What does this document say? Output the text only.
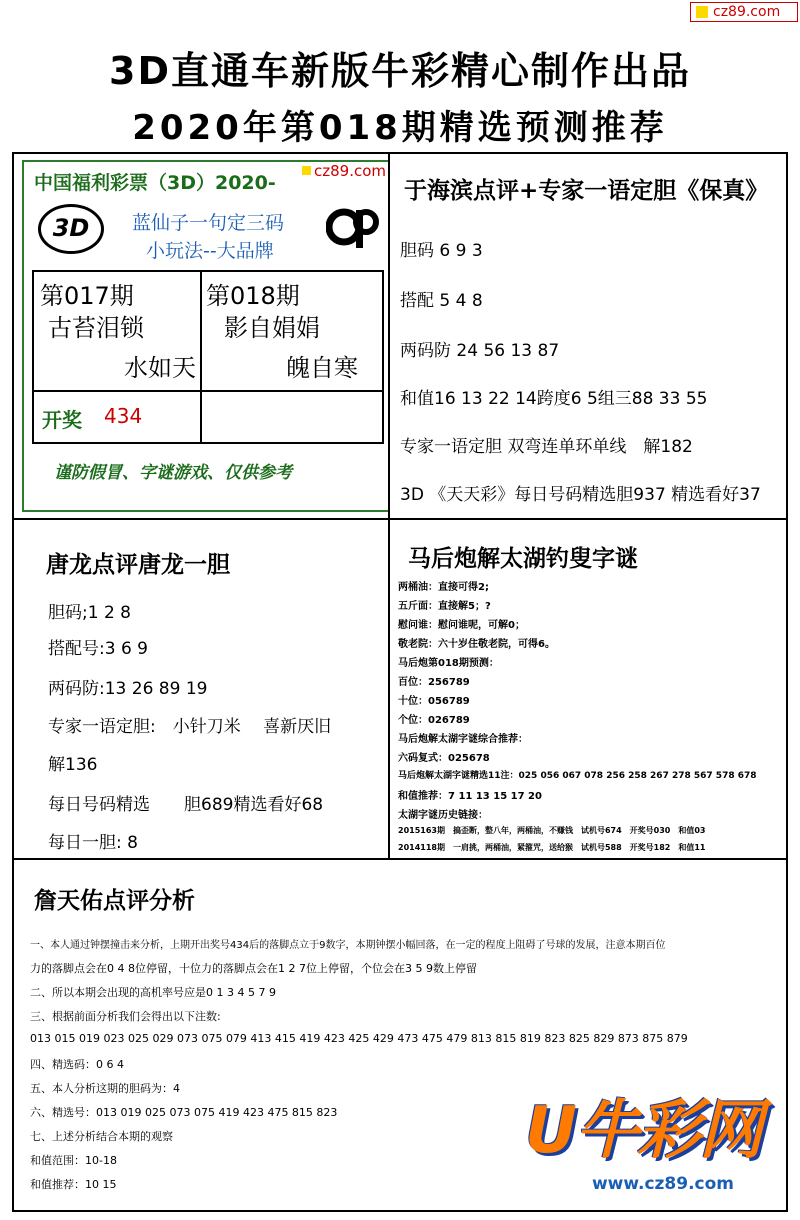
cz89.com
3D直通车新版牛彩精心制作出品
2020年第018期精选预测推荐
中国福利彩票（3D）2020-
cz89.com
3D	蓝仙子一句定三码
小玩法--大品牌
第017期
古苔泪锁
水如天
第018期
影自娟娟
魄自寒
开奖 434
谨防假冒、字谜游戏、仅供参考
于海滨点评+专家一语定胆《保真》
胆码 6 9 3
搭配 5 4 8
两码防 24 56 13 87
和值16 13 22 14跨度6 5组三88 33 55
专家一语定胆 双弯连单环单线　解182
3D 《天天彩》每日号码精选胆937 精选看好37
唐龙点评唐龙一胆
胆码;1 2 8
搭配号:3 6 9
两码防:13 26 89 19
专家一语定胆:　小针刀米　 喜新厌旧
解136
每日号码精选　　胆689精选看好68
每日一胆: 8
马后炮解太湖钓叟字谜
两桶油：直接可得2;
五斤面：直接解5；?
慰问谁：慰问谁呢，可解0；
敬老院：六十岁住敬老院，可得6。
马后炮第018期预测：
百位：256789
十位：056789
个位：026789
马后炮解太湖字谜综合推荐：
六码复式：025678
马后炮解太湖字谜精选11注：025 056 067 078 256 258 267 278 567 578 678
和值推荐：7 11 13 15 17 20
太湖字谜历史链接：
2015163期　搞歪断，整八年，两桶油，不赚钱　试机号674　开奖号030　和值03
2014118期　一肩挑，两桶油，紧箍咒，送给猴　试机号588　开奖号182　和值11
詹天佑点评分析
一、本人通过钟摆撞击来分析，上期开出奖号434后的落脚点立于9数字，本期钟摆小幅回落，在一定的程度上阻碍了号球的发展，注意本期百位
力的落脚点会在0 4 8位停留，十位力的落脚点会在1 2 7位上停留，个位会在3 5 9数上停留
二、所以本期会出现的高机率号应是0 1 3 4 5 7 9
三、根据前面分析我们会得出以下注数:
013 015 019 023 025 029 073 075 079 413 415 419 423 425 429 473 475 479 813 815 819 823 825 829 873 875 879
四、精选码：0 6 4
五、本人分析这期的胆码为：4
六、精选号：013 019 025 073 075 419 423 475 815 823
七、上述分析结合本期的观察
和值范围：10-18
和值推荐：10 15
U牛彩网
www.cz89.com
